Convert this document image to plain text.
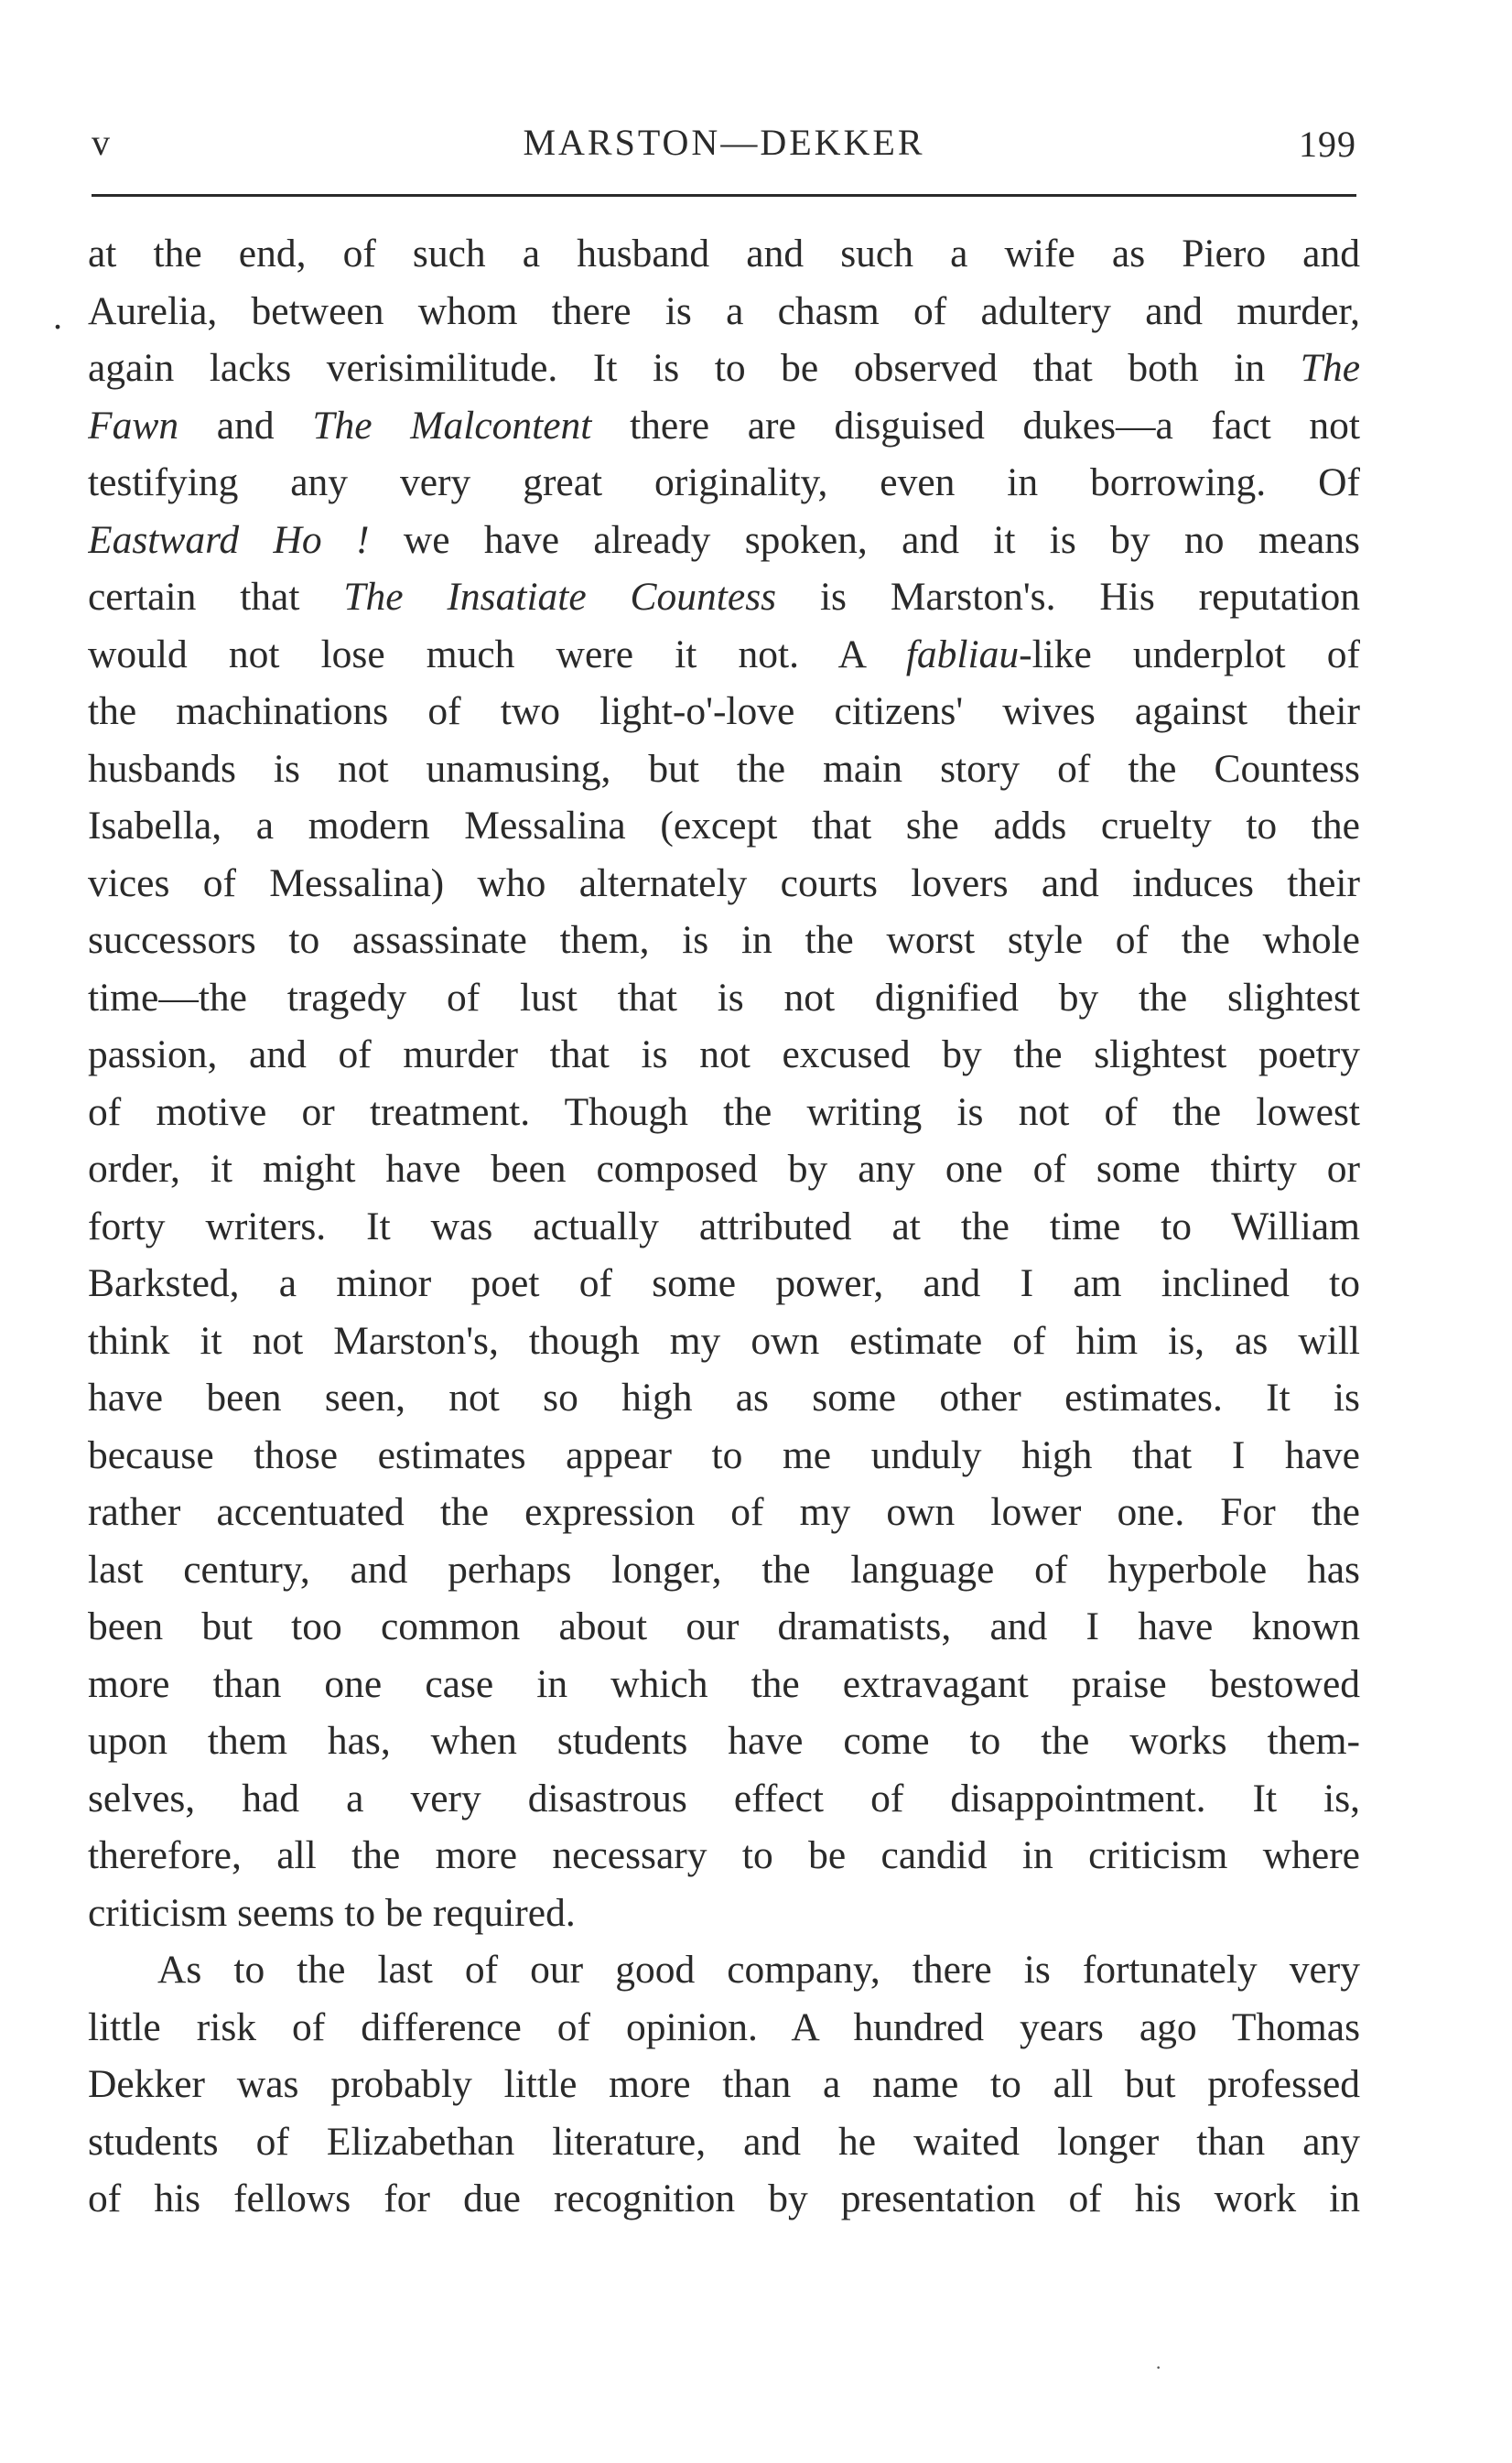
v	MARSTON—DEKKER	199
.
at the end, of such a husband and such a wife as Piero and
Aurelia, between whom there is a chasm of adultery and murder,
again lacks verisimilitude. It is to be observed that both in The
Fawn and The Malcontent there are disguised dukes—a fact not
testifying any very great originality, even in borrowing. Of
Eastward Ho ! we have already spoken, and it is by no means
certain that The Insatiate Countess is Marston's. His reputation
would not lose much were it not. A fabliau-like underplot of
the machinations of two light-o'-love citizens' wives against their
husbands is not unamusing, but the main story of the Countess
Isabella, a modern Messalina (except that she adds cruelty to the
vices of Messalina) who alternately courts lovers and induces their
successors to assassinate them, is in the worst style of the whole
time—the tragedy of lust that is not dignified by the slightest
passion, and of murder that is not excused by the slightest poetry
of motive or treatment. Though the writing is not of the lowest
order, it might have been composed by any one of some thirty or
forty writers. It was actually attributed at the time to William
Barksted, a minor poet of some power, and I am inclined to
think it not Marston's, though my own estimate of him is, as will
have been seen, not so high as some other estimates. It is
because those estimates appear to me unduly high that I have
rather accentuated the expression of my own lower one. For the
last century, and perhaps longer, the language of hyperbole has
been but too common about our dramatists, and I have known
more than one case in which the extravagant praise bestowed
upon them has, when students have come to the works them-
selves, had a very disastrous effect of disappointment. It is,
therefore, all the more necessary to be candid in criticism where
criticism seems to be required.
As to the last of our good company, there is fortunately very
little risk of difference of opinion. A hundred years ago Thomas
Dekker was probably little more than a name to all but professed
students of Elizabethan literature, and he waited longer than any
of his fellows for due recognition by presentation of his work in
·
